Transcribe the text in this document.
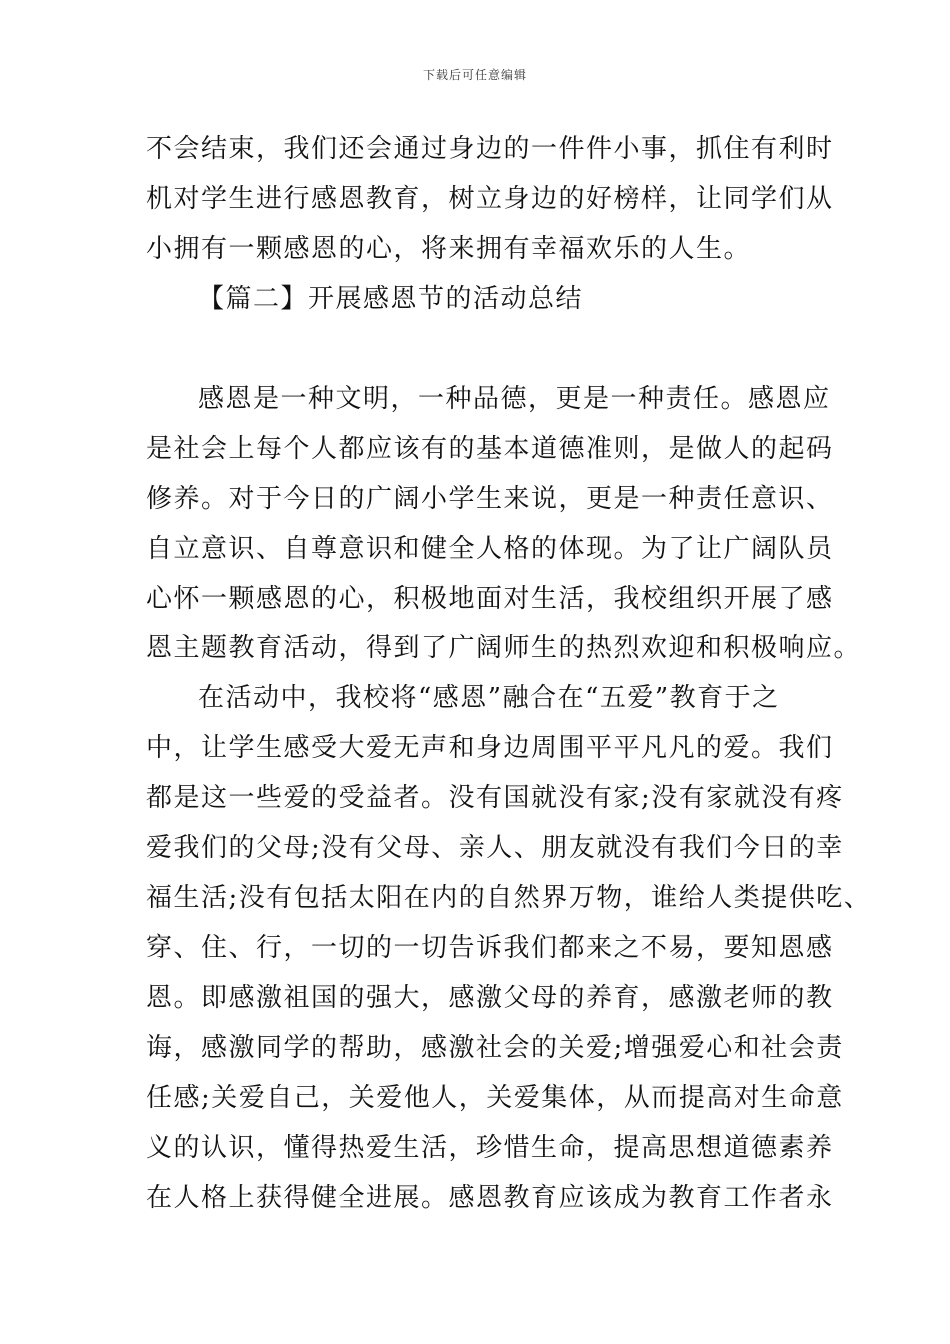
下载后可任意编辑
不会结束，我们还会通过身边的一件件小事，抓住有利时
机对学生进行感恩教育，树立身边的好榜样，让同学们从
小拥有一颗感恩的心，将来拥有幸福欢乐的人生。
【篇二】开展感恩节的活动总结
感恩是一种文明，一种品德，更是一种责任。感恩应
是社会上每个人都应该有的基本道德准则，是做人的起码
修养。对于今日的广阔小学生来说，更是一种责任意识、
自立意识、自尊意识和健全人格的体现。为了让广阔队员
心怀一颗感恩的心，积极地面对生活，我校组织开展了感
恩主题教育活动，得到了广阔师生的热烈欢迎和积极响应。
在活动中，我校将“感恩”融合在“五爱”教育于之
中，让学生感受大爱无声和身边周围平平凡凡的爱。我们
都是这一些爱的受益者。没有国就没有家;没有家就没有疼
爱我们的父母;没有父母、亲人、朋友就没有我们今日的幸
福生活;没有包括太阳在内的自然界万物，谁给人类提供吃、
穿、住、行，一切的一切告诉我们都来之不易，要知恩感
恩。即感激祖国的强大，感激父母的养育，感激老师的教
诲，感激同学的帮助，感激社会的关爱;增强爱心和社会责
任感;关爱自己，关爱他人，关爱集体，从而提高对生命意
义的认识，懂得热爱生活，珍惜生命，提高思想道德素养
在人格上获得健全进展。感恩教育应该成为教育工作者永
